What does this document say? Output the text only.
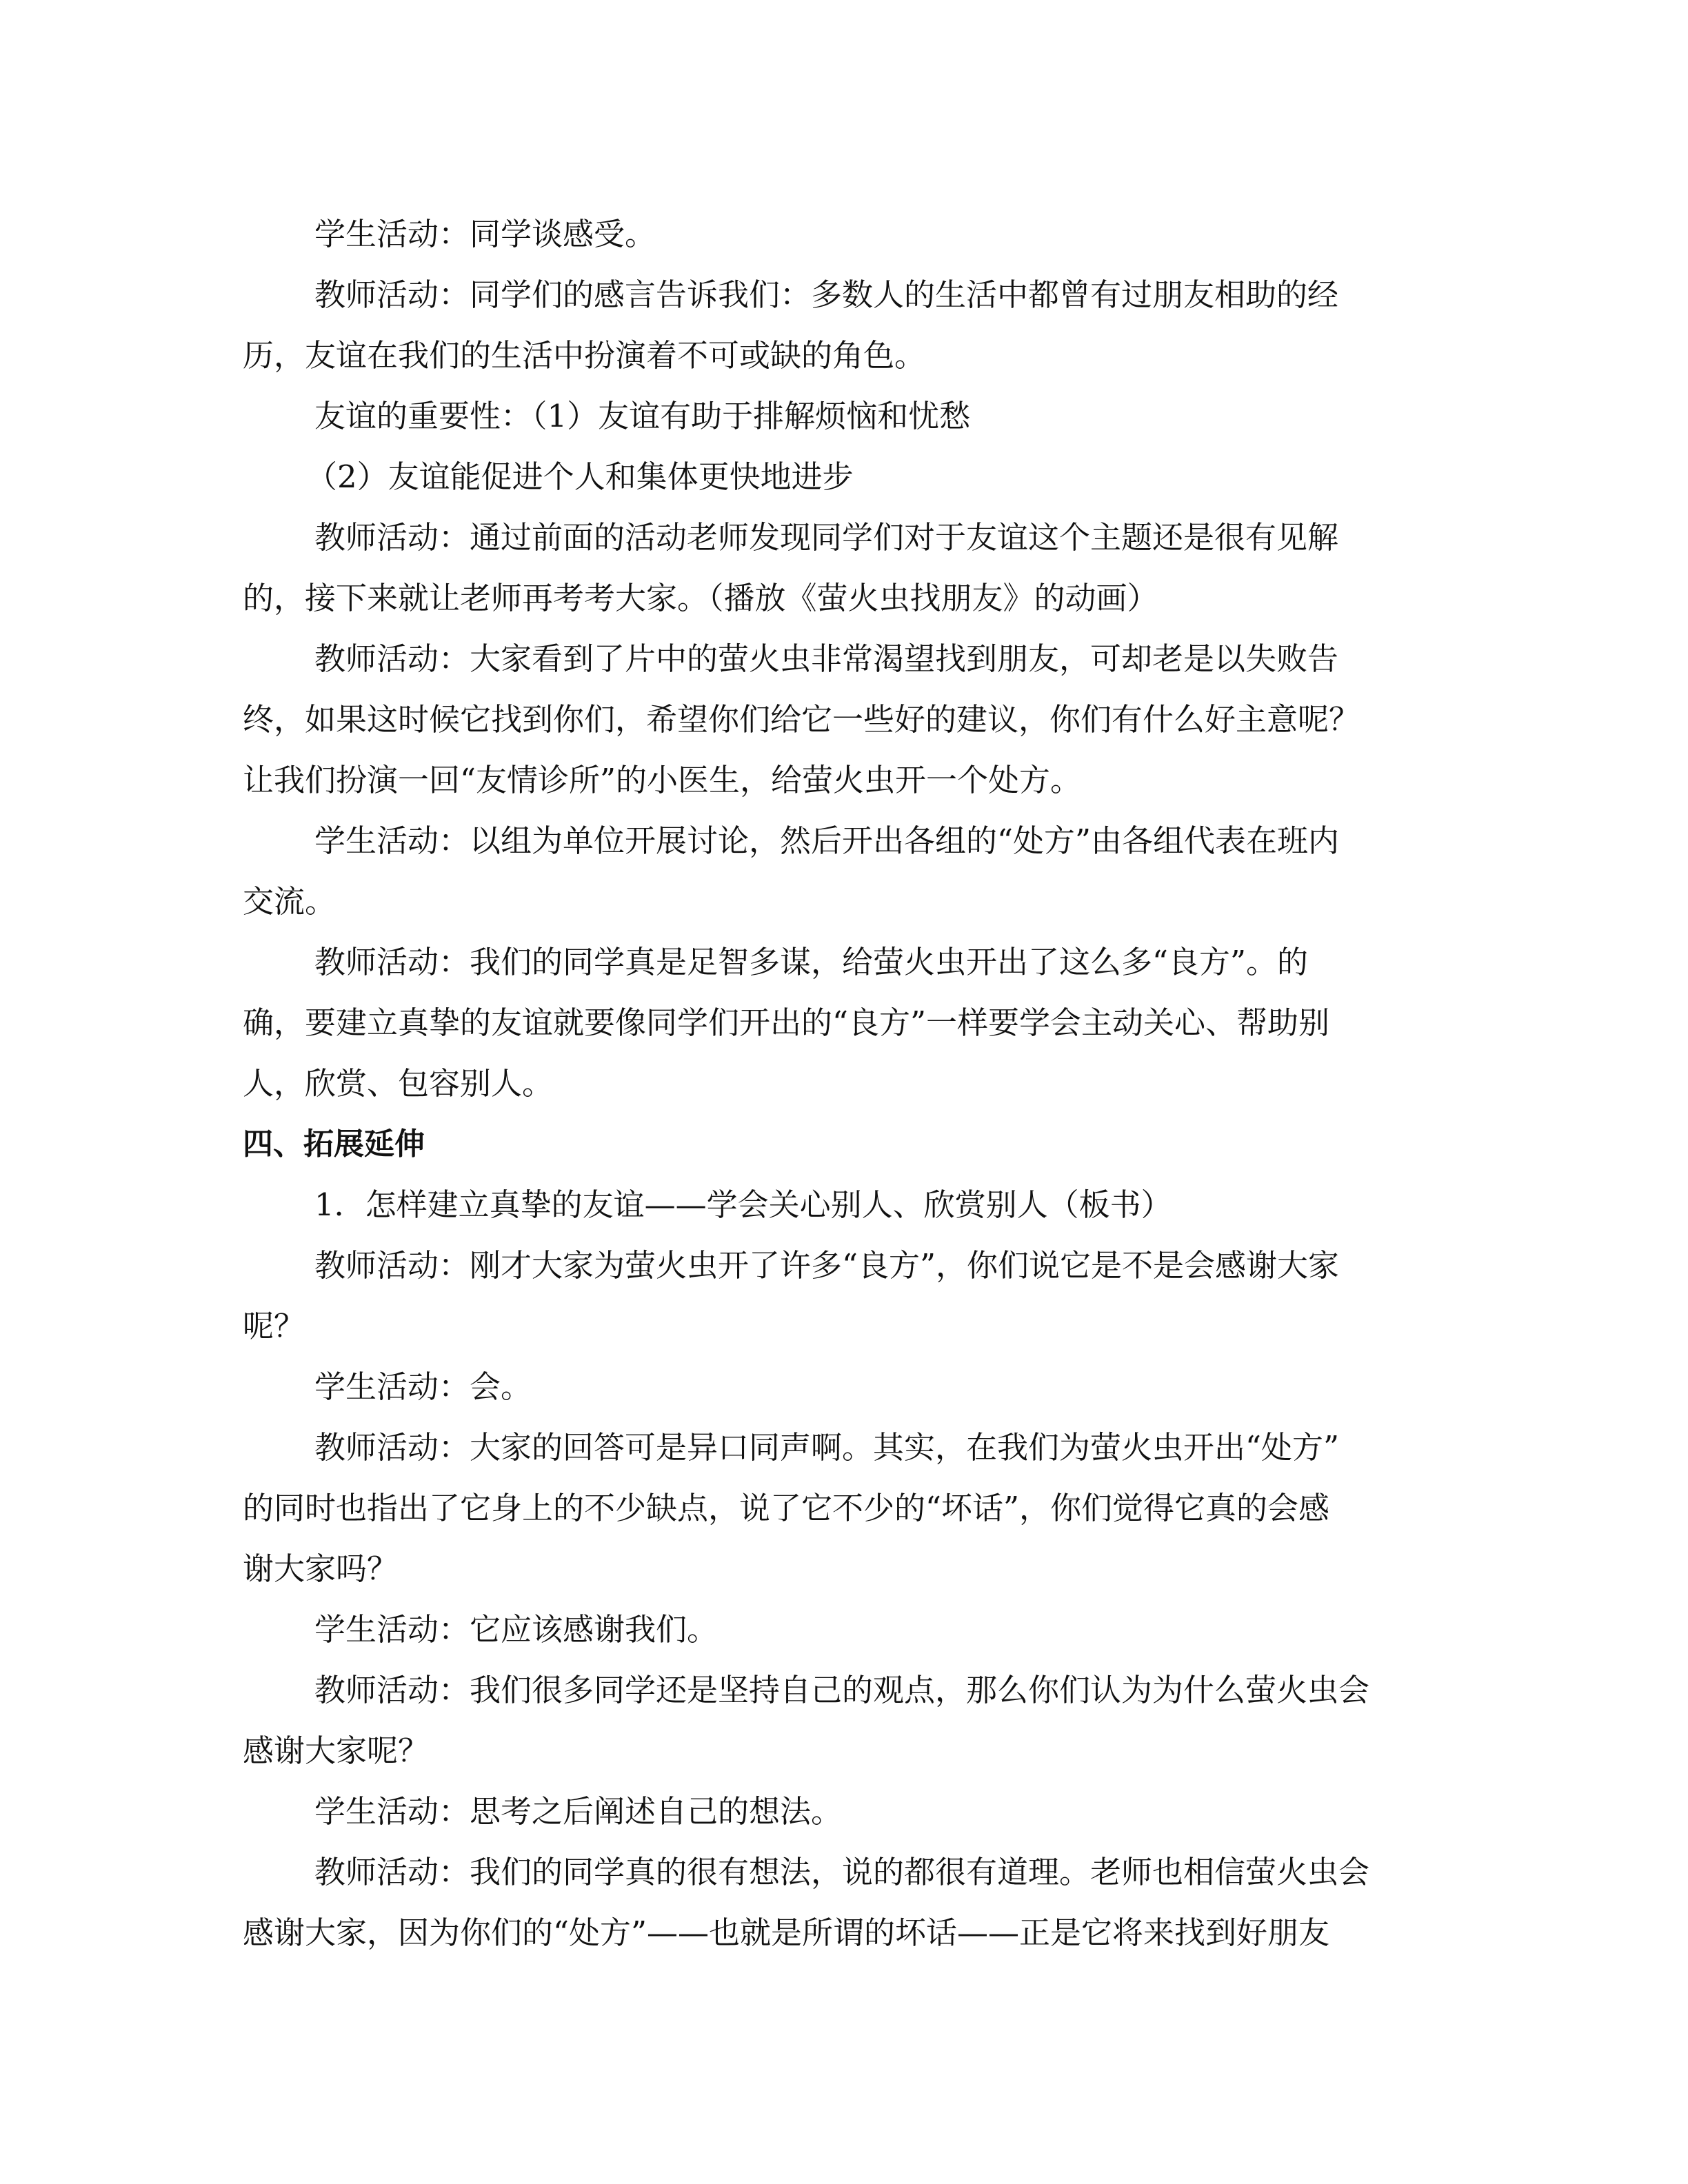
学生活动：同学谈感受。
教师活动：同学们的感言告诉我们：多数人的生活中都曾有过朋友相助的经
历，友谊在我们的生活中扮演着不可或缺的角色。
友谊的重要性：（1）友谊有助于排解烦恼和忧愁
（2）友谊能促进个人和集体更快地进步
教师活动：通过前面的活动老师发现同学们对于友谊这个主题还是很有见解
的，接下来就让老师再考考大家。（播放《萤火虫找朋友》的动画）
教师活动：大家看到了片中的萤火虫非常渴望找到朋友，可却老是以失败告
终，如果这时候它找到你们，希望你们给它一些好的建议，你们有什么好主意呢？
让我们扮演一回“友情诊所”的小医生，给萤火虫开一个处方。
学生活动：以组为单位开展讨论，然后开出各组的“处方”由各组代表在班内
交流。
教师活动：我们的同学真是足智多谋，给萤火虫开出了这么多“良方”。的
确，要建立真挚的友谊就要像同学们开出的“良方”一样要学会主动关心、帮助别
人，欣赏、包容别人。
四、拓展延伸
1．怎样建立真挚的友谊——学会关心别人、欣赏别人（板书）
教师活动：刚才大家为萤火虫开了许多“良方”，你们说它是不是会感谢大家
呢？
学生活动：会。
教师活动：大家的回答可是异口同声啊。其实，在我们为萤火虫开出“处方”
的同时也指出了它身上的不少缺点，说了它不少的“坏话”，你们觉得它真的会感
谢大家吗？
学生活动：它应该感谢我们。
教师活动：我们很多同学还是坚持自己的观点，那么你们认为为什么萤火虫会
感谢大家呢？
学生活动：思考之后阐述自己的想法。
教师活动：我们的同学真的很有想法，说的都很有道理。老师也相信萤火虫会
感谢大家，因为你们的“处方”——也就是所谓的坏话——正是它将来找到好朋友
